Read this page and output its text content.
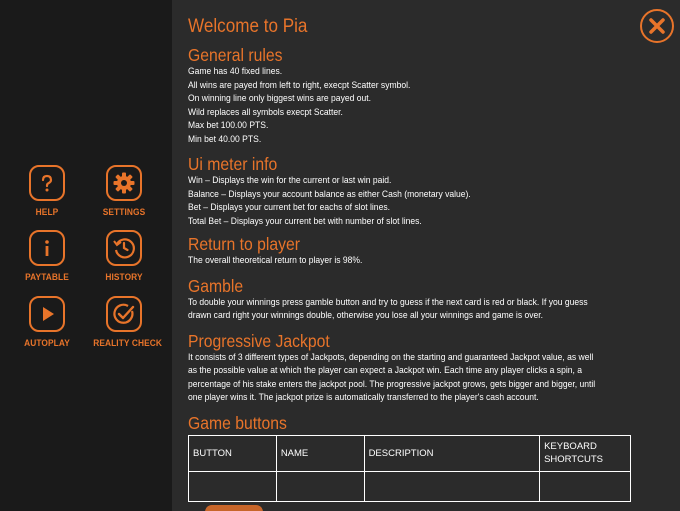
HELP	SETTINGS
PAYTABLE	HISTORY
AUTOPLAY	REALITY CHECK
Welcome to Pia
General rules
Game has 40 fixed lines.
All wins are payed from left to right, execpt Scatter symbol.
On winning line only biggest wins are payed out.
Wild replaces all symbols execpt Scatter.
Max bet 100.00 PTS.
Min bet 40.00 PTS.
Ui meter info
Win – Displays the win for the current or last win paid.
Balance – Displays your account balance as either Cash (monetary value).
Bet – Displays your current bet for eachs of slot lines.
Total Bet – Displays your current bet with number of slot lines.
Return to player
The overall theoretical return to player is 98%.
Gamble
To double your winnings press gamble button and try to guess if the next card is red or black. If you guess
drawn card right your winnings double, otherwise you lose all your winnings and game is over.
Progressive Jackpot
It consists of 3 different types of Jackpots, depending on the starting and guaranteed Jackpot value, as well
as the possible value at which the player can expect a Jackpot win. Each time any player clicks a spin, a
percentage of his stake enters the jackpot pool. The progressive jackpot grows, gets bigger and bigger, until
one player wins it. The jackpot prize is automatically transferred to the player's cash account.
Game buttons
BUTTON	NAME	DESCRIPTION	KEYBOARD SHORTCUTS
